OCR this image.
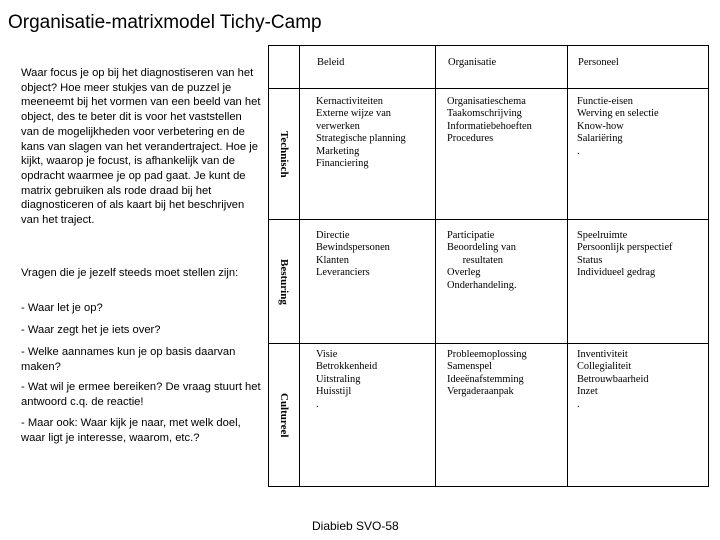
Organisatie-matrixmodel Tichy-Camp
Waar focus je op bij het diagnostiseren van het object? Hoe meer stukjes van de puzzel je meeneemt bij het vormen van een beeld van het object, des te beter dit is voor het vaststellen van de mogelijkheden voor verbetering en de kans van slagen van het verandertraject. Hoe je kijkt, waarop je focust, is afhankelijk van de opdracht waarmee je op pad gaat. Je kunt de matrix gebruiken als rode draad bij het diagnosticeren of als kaart bij het beschrijven van het traject.
Vragen die je jezelf steeds moet stellen zijn:
- Waar let je op?
- Waar zegt het je iets over?
- Welke aannames kun je op basis daarvan maken?
- Wat wil je ermee bereiken? De vraag stuurt het antwoord c.q. de reactie!
- Maar ook: Waar kijk je naar, met welk doel, waar ligt je interesse, waarom, etc.?
Beleid	Organisatie	Personeel
Technisch
Besturing
Cultureel
Kernactiviteiten
Externe wijze van
verwerken
Strategische planning
Marketing
Financiering
Organisatieschema
Taakomschrijving
Informatiebehoeften
Procedures
Functie-eisen
Werving en selectie
Know-how
Salariëring
.
Directie
Bewindspersonen
Klanten
Leveranciers
Participatie
Beoordeling van
resultaten
Overleg
Onderhandeling.
Speelruimte
Persoonlijk perspectief
Status
Individueel gedrag
Visie
Betrokkenheid
Uitstraling
Huisstijl
.
Probleemoplossing
Samenspel
Ideeënafstemming
Vergaderaanpak
Inventiviteit
Collegialiteit
Betrouwbaarheid
Inzet
.
Diabieb SVO-58
